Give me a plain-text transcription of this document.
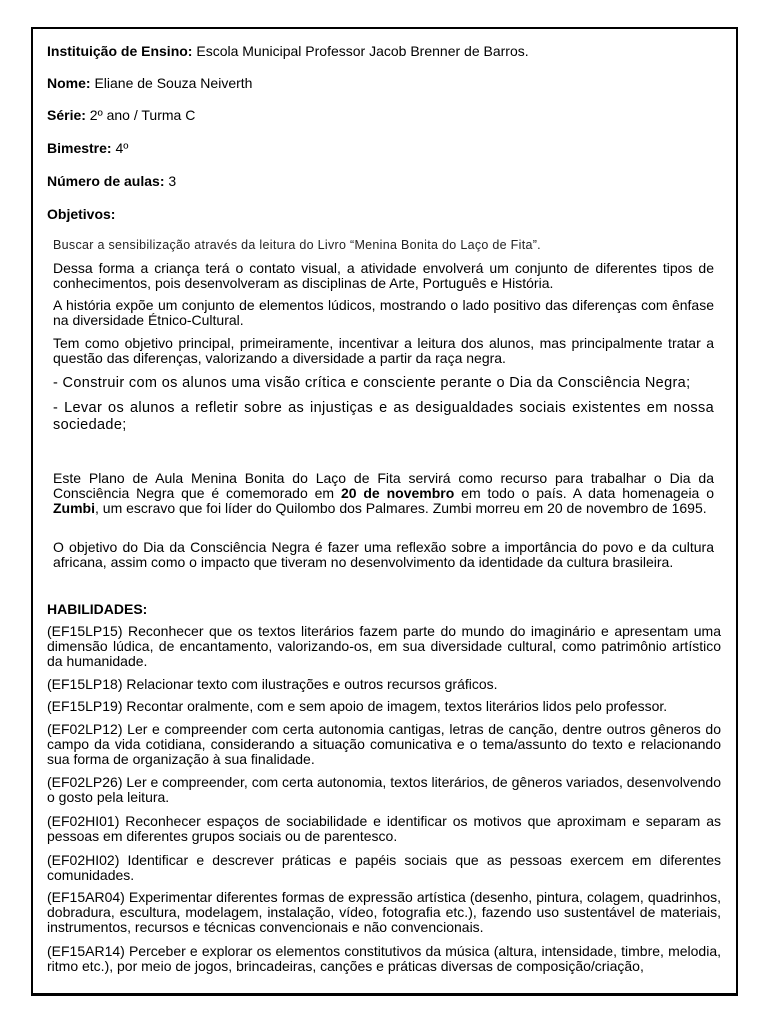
Instituição de Ensino: Escola Municipal Professor Jacob Brenner de Barros.

Nome: Eliane de Souza Neiverth

Série: 2º ano / Turma C

Bimestre: 4º

Número de aulas: 3

Objetivos:

Buscar a sensibilização através da leitura do Livro “Menina Bonita do Laço de Fita”.

Dessa forma a criança terá o contato visual, a atividade envolverá um conjunto de diferentes tipos de conhecimentos, pois desenvolveram as disciplinas de Arte, Português e História.

A história expõe um conjunto de elementos lúdicos, mostrando o lado positivo das diferenças com ênfase na diversidade Étnico-Cultural.

Tem como objetivo principal, primeiramente, incentivar a leitura dos alunos, mas principalmente tratar a questão das diferenças, valorizando a diversidade a partir da raça negra.

- Construir com os alunos uma visão crítica e consciente perante o Dia da Consciência Negra;

- Levar os alunos a refletir sobre as injustiças e as desigualdades sociais existentes em nossa sociedade;

Este Plano de Aula Menina Bonita do Laço de Fita servirá como recurso para trabalhar o Dia da Consciência Negra que é comemorado em 20 de novembro em todo o país. A data homenageia o Zumbi, um escravo que foi líder do Quilombo dos Palmares. Zumbi morreu em 20 de novembro de 1695.

O objetivo do Dia da Consciência Negra é fazer uma reflexão sobre a importância do povo e da cultura africana, assim como o impacto que tiveram no desenvolvimento da identidade da cultura brasileira.

HABILIDADES:

(EF15LP15) Reconhecer que os textos literários fazem parte do mundo do imaginário e apresentam uma dimensão lúdica, de encantamento, valorizando-os, em sua diversidade cultural, como patrimônio artístico da humanidade.

(EF15LP18) Relacionar texto com ilustrações e outros recursos gráficos.

(EF15LP19) Recontar oralmente, com e sem apoio de imagem, textos literários lidos pelo professor.

(EF02LP12) Ler e compreender com certa autonomia cantigas, letras de canção, dentre outros gêneros do campo da vida cotidiana, considerando a situação comunicativa e o tema/assunto do texto e relacionando sua forma de organização à sua finalidade.

(EF02LP26) Ler e compreender, com certa autonomia, textos literários, de gêneros variados, desenvolvendo o gosto pela leitura.

(EF02HI01) Reconhecer espaços de sociabilidade e identificar os motivos que aproximam e separam as pessoas em diferentes grupos sociais ou de parentesco.

(EF02HI02) Identificar e descrever práticas e papéis sociais que as pessoas exercem em diferentes comunidades.

(EF15AR04) Experimentar diferentes formas de expressão artística (desenho, pintura, colagem, quadrinhos, dobradura, escultura, modelagem, instalação, vídeo, fotografia etc.), fazendo uso sustentável de materiais, instrumentos, recursos e técnicas convencionais e não convencionais.

(EF15AR14) Perceber e explorar os elementos constitutivos da música (altura, intensidade, timbre, melodia, ritmo etc.), por meio de jogos, brincadeiras, canções e práticas diversas de composição/criação,
